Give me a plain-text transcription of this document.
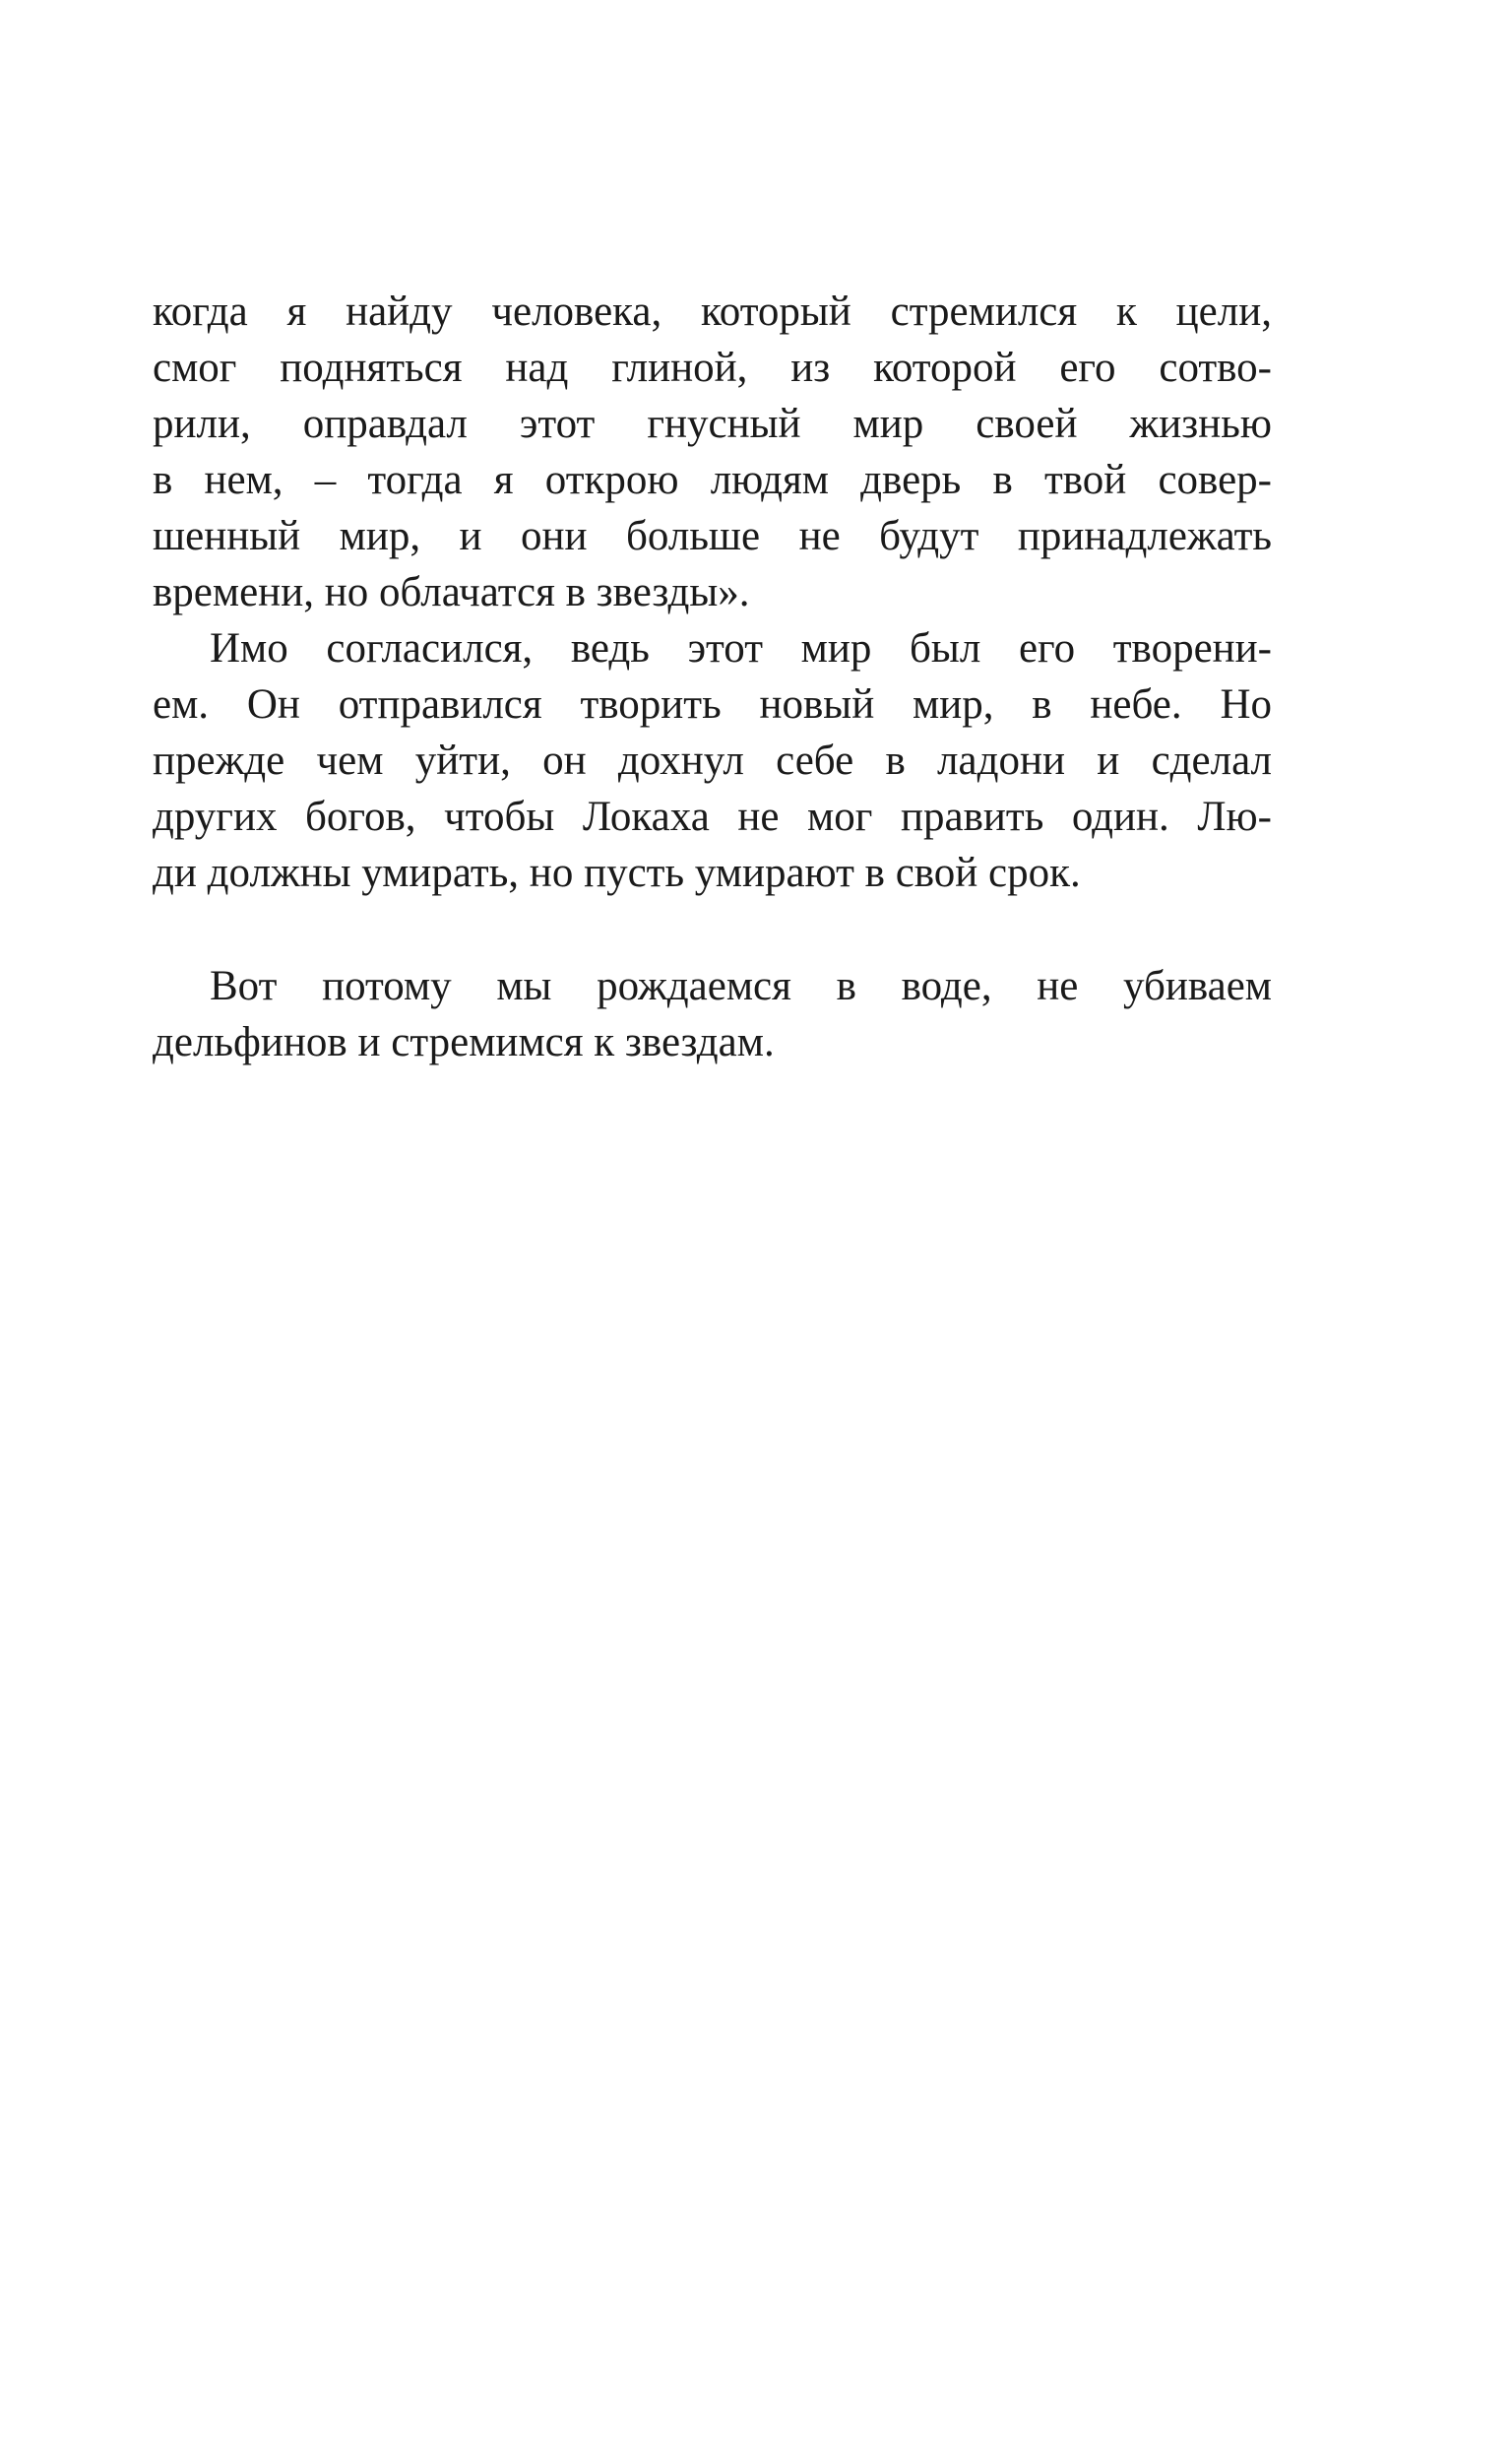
когда я найду человека, который стремился к цели,
смог подняться над глиной, из которой его сотво-
рили, оправдал этот гнусный мир своей жизнью
в нем, – тогда я открою людям дверь в твой совер-
шенный мир, и они больше не будут принадлежать
времени, но облачатся в звезды».
Имо согласился, ведь этот мир был его творени-
ем. Он отправился творить новый мир, в небе. Но
прежде чем уйти, он дохнул себе в ладони и сделал
других богов, чтобы Локаха не мог править один. Лю-
ди должны умирать, но пусть умирают в свой срок.
Вот потому мы рождаемся в воде, не убиваем
дельфинов и стремимся к звездам.
